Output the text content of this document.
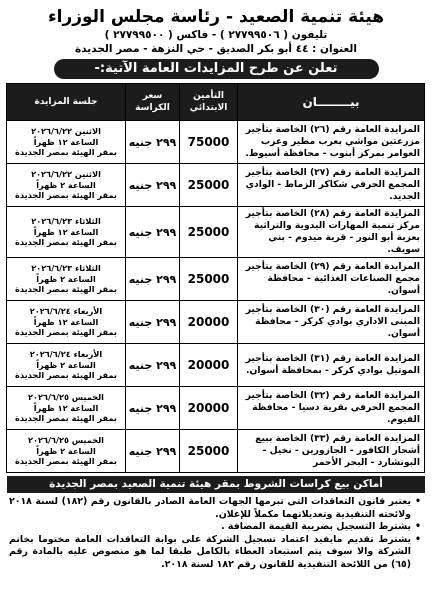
هيئة تنمية الصعيد - رئاسة مجلس الوزراء
تليفون ( ٢٧٧٩٩٥٠٦ ) - فاكس ( ٢٧٧٩٩٥٠٠ )
العنوان : ٤٤ أبو بكر الصديق - حي النزهة - مصر الجديدة
تعلن عن طرح المزايدات العامة الآتية:-
بيــــــــان	التأمين الابتدائي	سعر الكراسة	جلسة المزايدة
المزايدة العامة رقم (٢٦) الخاصة بتأجير مزرعتين مواشي بعرب مطير وعرب العوامر بمركز أبنوب - محافظة أسيوط.	75000	٢٩٩ جنيه	الاثنين ٢٠٢٦/٦/٢٢
الساعة ١٢ ظهراً
بمقر الهيئة بمصر الجديدة

المزايدة العامة رقم (٢٧) الخاصة بتأجير المجمع الحرفي شكاكر الزماط - الوادي الجديد.	25000	٢٩٩ جنيه	الاثنين ٢٠٢٦/٦/٢٢
الساعة ٢ ظهراً
بمقر الهيئة بمصر الجديدة

المزايدة العامة رقم (٢٨) الخاصة بتأجير مركز تنمية المهارات اليدوية والتراثية بعزبة أبو النور - قرية ميدوم - بني سويف.	25000	٢٩٩ جنيه	الثلاثاء ٢٠٢٦/٦/٢٣
الساعة ١٢ ظهراً
بمقر الهيئة بمصر الجديدة

المزايدة العامة رقم (٢٩) الخاصة بتأجير مجمع الصناعات الغذائية - محافظة أسوان.	25000	٢٩٩ جنيه	الثلاثاء ٢٠٢٦/٦/٢٣
الساعة ٢ ظهراً
بمقر الهيئة بمصر الجديدة

المزايدة العامة رقم (٣٠) الخاصة بتأجير المبنى الاداري بوادي كركر - محافظة أسوان.	20000	٢٩٩ جنيه	الأربعاء ٢٠٢٦/٦/٢٤
الساعة ١٢ ظهراً
بمقر الهيئة بمصر الجديدة

المزايدة العامة رقم (٣١) الخاصة بتأجير الموتيل بوادي كركر - بمحافظة أسوان.	20000	٢٩٩ جنيه	الأربعاء ٢٠٢٦/٦/٢٤
الساعة ٢ ظهراً
بمقر الهيئة بمصر الجديدة

المزايدة العامة رقم (٣٢) الخاصة بتأجير المجمع الحرفي بقرية دسيا - محافظة الفيوم.	20000	٢٩٩ جنيه	الخميس ٢٠٢٦/٦/٢٥
الساعة ١٢ ظهراً
بمقر الهيئة بمصر الجديدة

المزايدة العامة رقم (٣٣) الخاصة ببيع أشجار الكافور - الجازورين - نخيل - البونشارد - البحر الأحمر	25000	٢٩٩ جنيه	الخميس ٢٠٢٦/٦/٢٥
الساعة ٢ ظهراً
بمقر الهيئة بمصر الجديدة
أماكن بيع كراسات الشروط بمقر هيئة تنمية الصعيد بمصر الجديدة
•
يعتبر قانون التعاقدات التي تبرمها الجهات العامة الصادر بالقانون رقم (١٨٢) لسنة ٢٠١٨ ولائحته التنفيذية وتعديلاتهما مكملاً للإعلان.
•
يشترط التسجيل بضريبة القيمة المضافة .
•
يشترط تقديم مايفيد اعتماد تسجيل الشركة على بوابة التعاقدات العامة مختوما بخاتم الشركة والا سوف يتم استبعاد العطاء بالكامل طبقا لما هو منصوص عليه بالمادة رقم (٦٥) من اللائحة التنفيذية للقانون رقم ١٨٢ لسنة ٢٠١٨.
